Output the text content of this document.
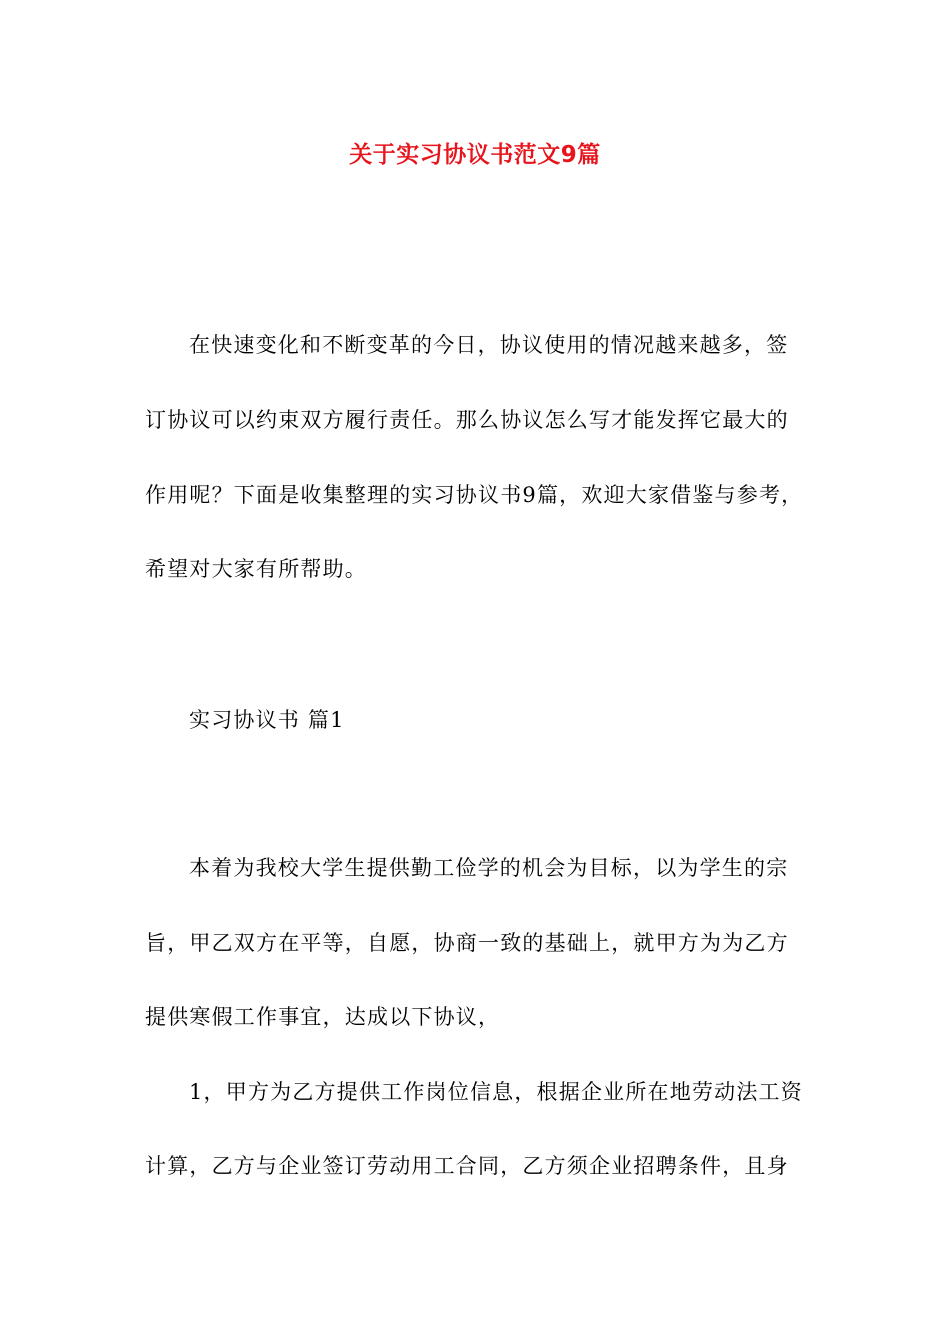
关于实习协议书范文9篇
在快速变化和不断变革的今日，协议使用的情况越来越多，签
订协议可以约束双方履行责任。那么协议怎么写才能发挥它最大的
作用呢？下面是收集整理的实习协议书9篇，欢迎大家借鉴与参考，
希望对大家有所帮助。
实习协议书 篇1
本着为我校大学生提供勤工俭学的机会为目标，以为学生的宗
旨，甲乙双方在平等，自愿，协商一致的基础上，就甲方为为乙方
提供寒假工作事宜，达成以下协议，
1，甲方为乙方提供工作岗位信息，根据企业所在地劳动法工资
计算，乙方与企业签订劳动用工合同，乙方须企业招聘条件，且身
